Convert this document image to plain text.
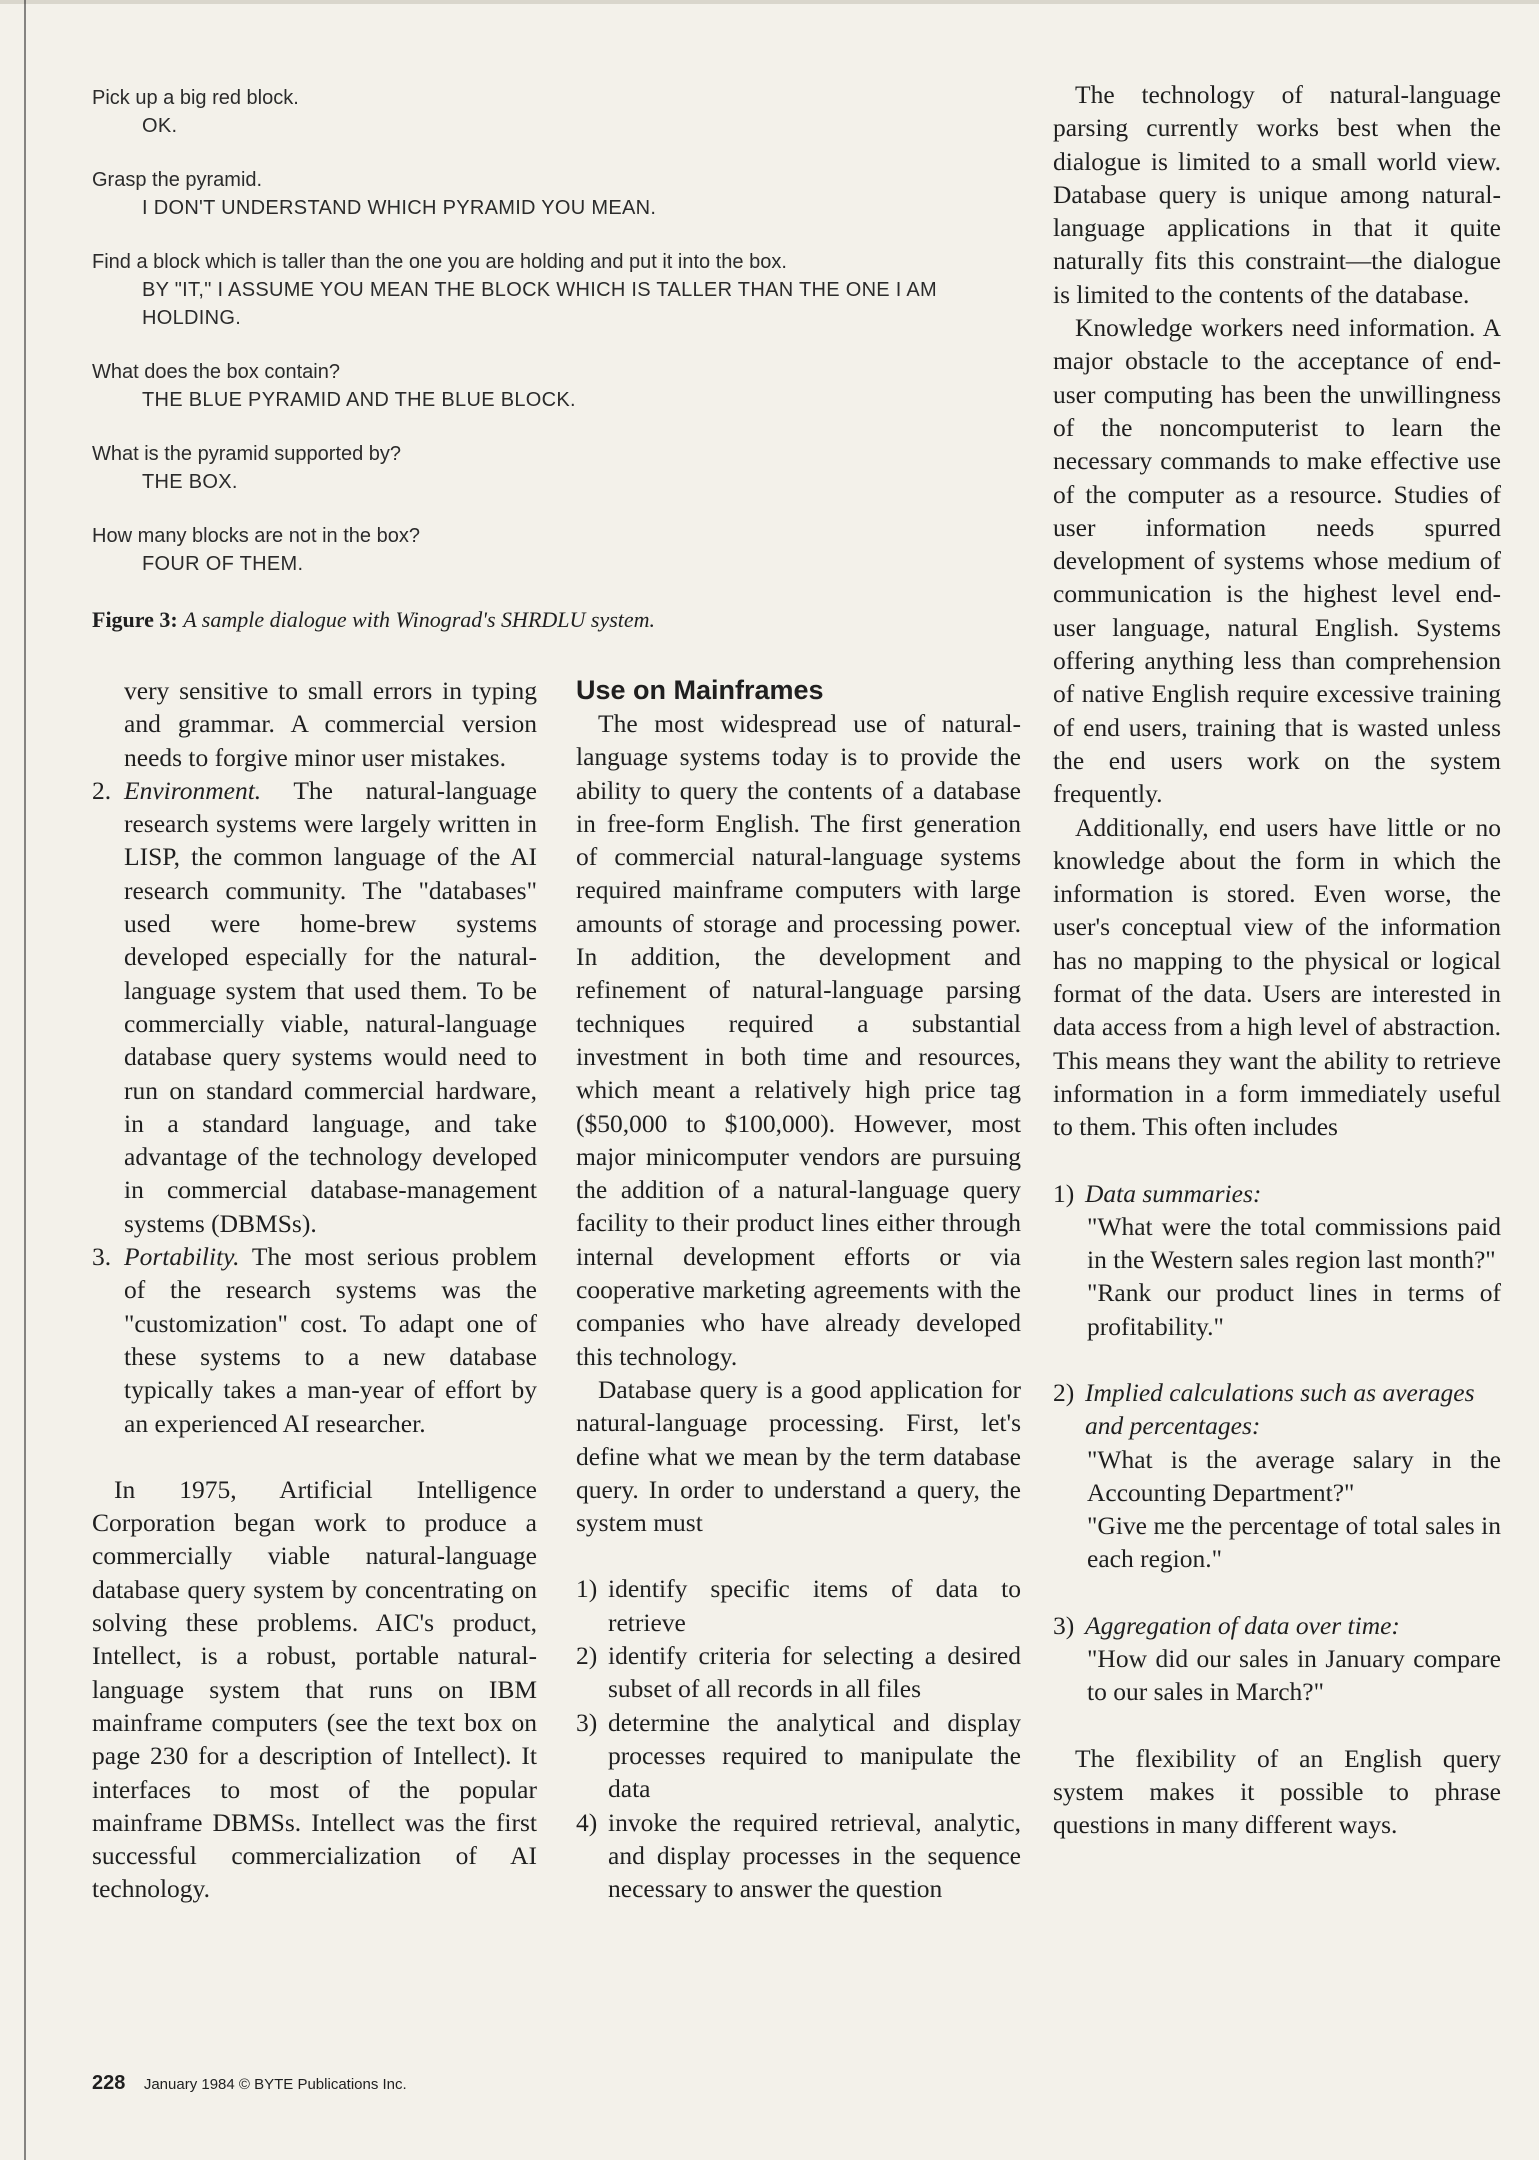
Pick up a big red block.
OK.
Grasp the pyramid.
I DON'T UNDERSTAND WHICH PYRAMID YOU MEAN.
Find a block which is taller than the one you are holding and put it into the box.
BY "IT," I ASSUME YOU MEAN THE BLOCK WHICH IS TALLER THAN THE ONE I AM HOLDING.
What does the box contain?
THE BLUE PYRAMID AND THE BLUE BLOCK.
What is the pyramid supported by?
THE BOX.
How many blocks are not in the box?
FOUR OF THEM.
Figure 3: A sample dialogue with Winograd's SHRDLU system.

very sensitive to small errors in typing and grammar. A commercial version needs to forgive minor user mistakes.

2. Environment. The natural-language research systems were largely written in LISP, the common language of the AI research community. The "databases" used were home-brew systems developed especially for the natural-language system that used them. To be commercially viable, natural-language database query systems would need to run on standard commercial hardware, in a standard language, and take advantage of the technology developed in commercial database-management systems (DBMSs).
3. Portability. The most serious problem of the research systems was the "customization" cost. To adapt one of these systems to a new database typically takes a man-year of effort by an experienced AI researcher.

In 1975, Artificial Intelligence Corporation began work to produce a commercially viable natural-language database query system by concentrating on solving these problems. AIC's product, Intellect, is a robust, portable natural-language system that runs on IBM mainframe computers (see the text box on page 230 for a description of Intellect). It interfaces to most of the popular mainframe DBMSs. Intellect was the first successful commercialization of AI technology.

Use on Mainframes

The most widespread use of natural-language systems today is to provide the ability to query the contents of a database in free-form English. The first generation of commercial natural-language systems required mainframe computers with large amounts of storage and processing power. In addition, the development and refinement of natural-language parsing techniques required a substantial investment in both time and resources, which meant a relatively high price tag ($50,000 to $100,000). However, most major minicomputer vendors are pursuing the addition of a natural-language query facility to their product lines either through internal development efforts or via cooperative marketing agreements with the companies who have already developed this technology.

Database query is a good application for natural-language processing. First, let's define what we mean by the term database query. In order to understand a query, the system must

1) identify specific items of data to retrieve
2) identify criteria for selecting a desired subset of all records in all files
3) determine the analytical and display processes required to manipulate the data
4) invoke the required retrieval, analytic, and display processes in the sequence necessary to answer the question

The technology of natural-language parsing currently works best when the dialogue is limited to a small world view. Database query is unique among natural-language applications in that it quite naturally fits this constraint—the dialogue is limited to the contents of the database.

Knowledge workers need information. A major obstacle to the acceptance of end-user computing has been the unwillingness of the noncomputerist to learn the necessary commands to make effective use of the computer as a resource. Studies of user information needs spurred development of systems whose medium of communication is the highest level end-user language, natural English. Systems offering anything less than comprehension of native English require excessive training of end users, training that is wasted unless the end users work on the system frequently.

Additionally, end users have little or no knowledge about the form in which the information is stored. Even worse, the user's conceptual view of the information has no mapping to the physical or logical format of the data. Users are interested in data access from a high level of abstraction. This means they want the ability to retrieve information in a form immediately useful to them. This often includes

1) Data summaries:

"What were the total commissions paid in the Western sales region last month?"

"Rank our product lines in terms of profitability."

2) Implied calculations such as averages and percentages:

"What is the average salary in the Accounting Department?"

"Give me the percentage of total sales in each region."

3) Aggregation of data over time:

"How did our sales in January compare to our sales in March?"

The flexibility of an English query system makes it possible to phrase questions in many different ways.

228 January 1984 © BYTE Publications Inc.
